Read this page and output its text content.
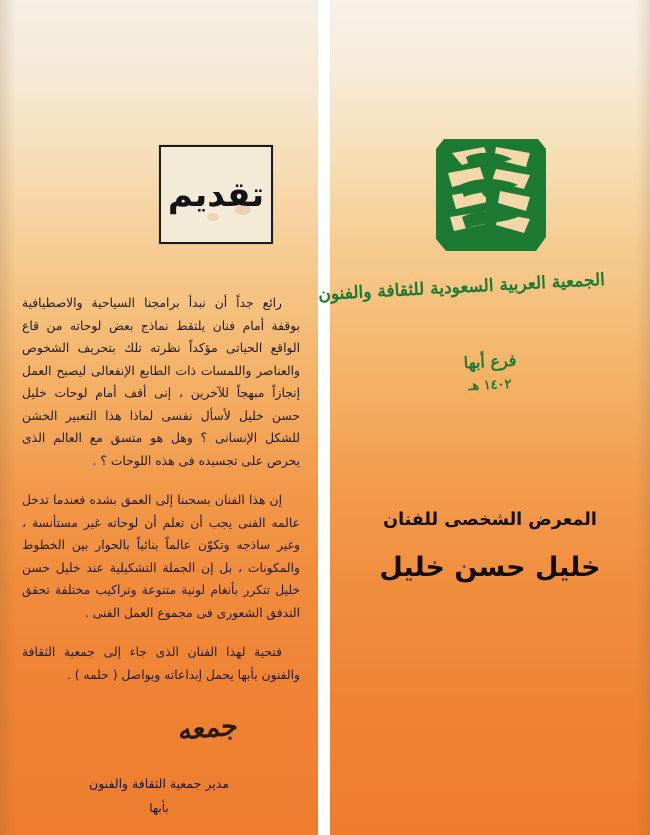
تقديم

رائع جداً أن نبدأ برامجنا السياحية والاصطيافية بوقفة أمام فنان يلتقط نماذج بعض لوحاته من قاع الواقع الحياتى مؤكداً نظرته تلك بتحريف الشخوص والعناصر واللمسات ذات الطابع الإنفعالى ليصبح العمل إنجازاً مبهجاً للآخرين ، إنى أقف أمام لوحات خليل حسن خليل لأسأل نفسى لماذا هذا التعبير الخشن للشكل الإنسانى ؟ وهل هو متسق مع العالم الذى يحرص على تجسيده فى هذه اللوحات ؟ .

إن هذا الفنان بسحبنا إلى العمق بشده فعندما تدخل عالمه الفنى يجب أن تعلم أن لوحاته غير مستأنسة ، وغير ساذجه وتكوّن عالماً بنائياً بالحوار بين الخطوط والمكونات ، بل إن الجملة التشكيلية عند خليل حسن خليل تتكرر بأنغام لونية متنوعة وتراكيب مختلفة تحقق التدفق الشعورى فى مجموع العمل الفنى .

فتحية لهذا الفنان الذى جاء إلى جمعية الثقافة والفنون بأبها يحمل إبداعاته ويواصل ( حلمه ) .

جمعه
مدير جمعية الثقافة والفنون
بأبها
الجمعية العربية السعودية للثقافة والفنون
فرع أبها
١٤٠٢ هـ
المعرض الشخصى للفنان
خليل حسن خليل
